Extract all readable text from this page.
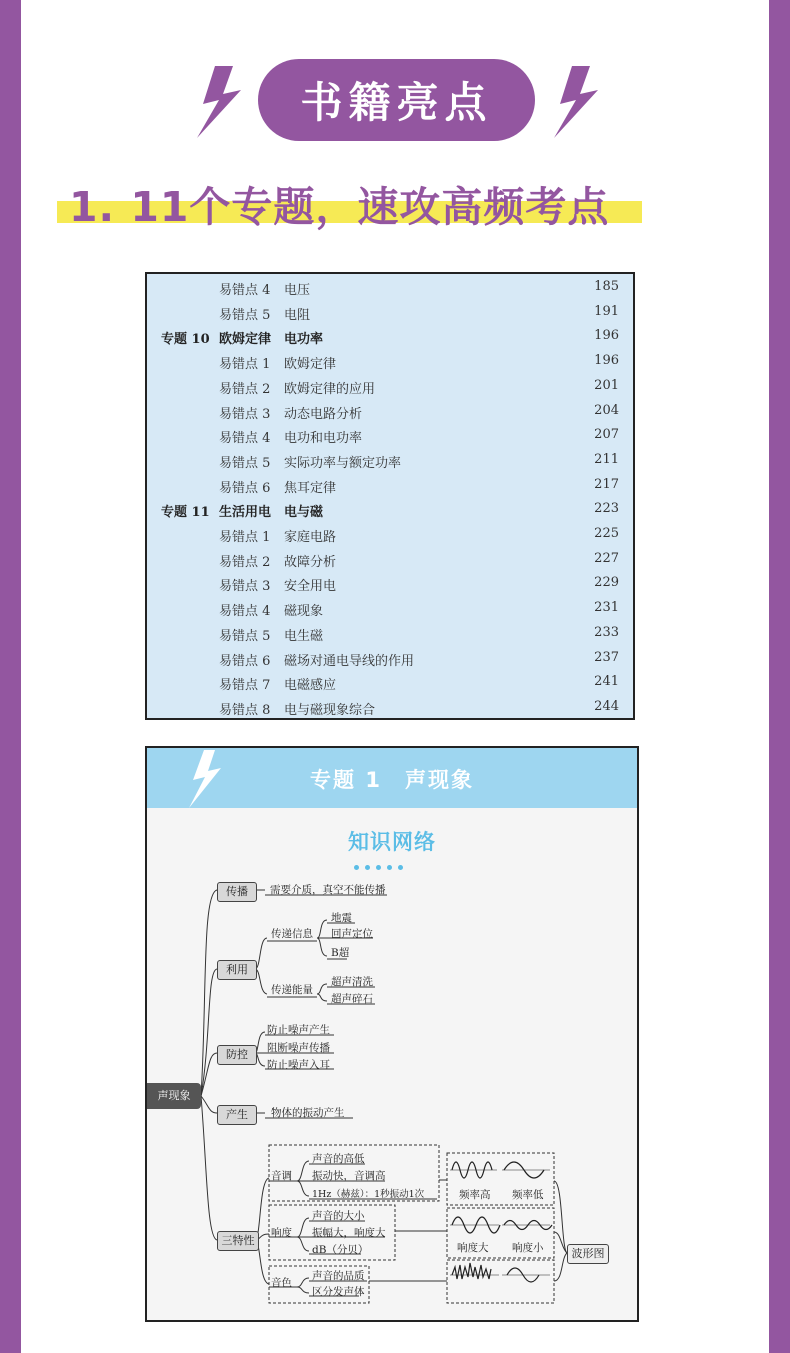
书籍亮点
1. 11个专题，速攻高频考点
易错点 4 电压	185
易错点 5 电阻	191
专题 10 欧姆定律　电功率	196
易错点 1 欧姆定律	196
易错点 2 欧姆定律的应用	201
易错点 3 动态电路分析	204
易错点 4 电功和电功率	207
易错点 5 实际功率与额定功率	211
易错点 6 焦耳定律	217
专题 11 生活用电　电与磁	223
易错点 1 家庭电路	225
易错点 2 故障分析	227
易错点 3 安全用电	229
易错点 4 磁现象	231
易错点 5 电生磁	233
易错点 6 磁场对通电导线的作用	237
易错点 7 电磁感应	241
易错点 8 电与磁现象综合	244
专题 1　声现象
知识网络
声现象
传播	需要介质，真空不能传播
利用
传递信息
地震
回声定位
B超
传递能量
超声清洗
超声碎石
防控
防止噪声产生
阻断噪声传播
防止噪声入耳
产生	物体的振动产生
三特性
音调
声音的高低
振动快，音调高
1Hz（赫兹）：1秒振动1次
响度
声音的大小
振幅大，响度大
dB（分贝）
音色
声音的品质
区分发声体
频率高 频率低
响度大 响度小	波形图
